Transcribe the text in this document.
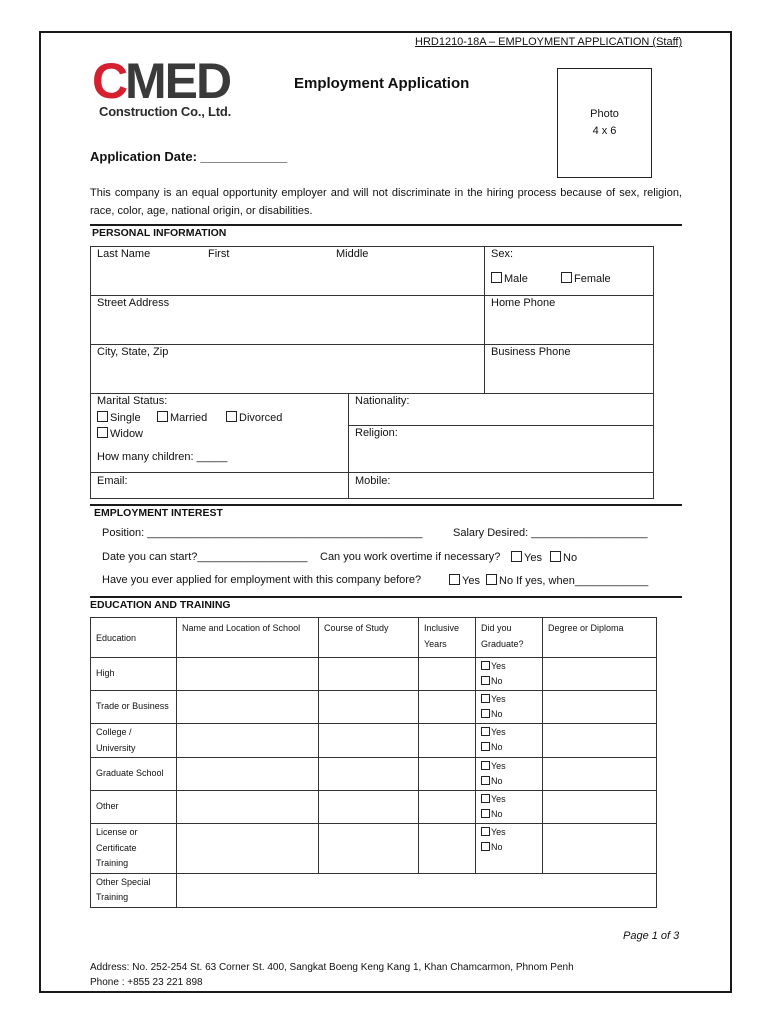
HRD1210-18A – EMPLOYMENT APPLICATION (Staff)
C MED
Construction Co., Ltd.
Employment Application
Photo
4 x 6
Application Date: ____________
This company is an equal opportunity employer and will not discriminate in the hiring process because of sex, religion, race, color, age, national origin, or disabilities.
PERSONAL INFORMATION
Last Name	First	Middle	Sex:
Male	Female
Street Address	Home Phone
City, State, Zip	Business Phone
Marital Status:
Single	Married	Divorced
Widow
How many children: _____
Nationality:
Religion:
Email:	Mobile:
EMPLOYMENT INTEREST
Position: _____________________________________________	Salary Desired: ___________________
Date you can start?__________________ Can you work overtime if necessary?	Yes	No
Have you ever applied for employment with this company before?	Yes	No If yes, when____________
EDUCATION AND TRAINING
Education	Name and Location of School	Course of Study	Inclusive Years	Did you Graduate?	Degree or Diploma
High				Yes
No	

Trade or Business				Yes
No	

College / University				Yes
No	

Graduate School				Yes
No	

Other				Yes
No	

License or Certificate Training				Yes
No	

Other Special Training					
Page 1 of 3
Address: No. 252-254 St. 63 Corner St. 400, Sangkat Boeng Keng Kang 1, Khan Chamcarmon, Phnom Penh
Phone : +855 23 221 898
